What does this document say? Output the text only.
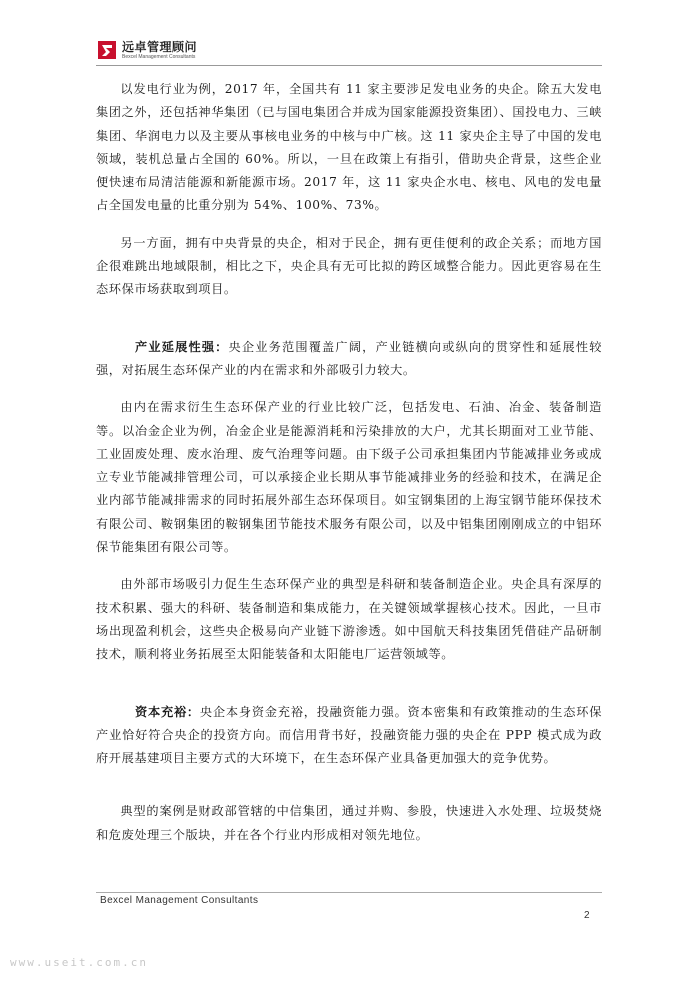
远卓管理顾问
Bexcel Management Consultants

以发电行业为例，2017 年，全国共有 11 家主要涉足发电业务的央企。除五大发电集团之外，还包括神华集团（已与国电集团合并成为国家能源投资集团）、国投电力、三峡集团、华润电力以及主要从事核电业务的中核与中广核。这 11 家央企主导了中国的发电领域，装机总量占全国的 60%。所以，一旦在政策上有指引，借助央企背景，这些企业便快速布局清洁能源和新能源市场。2017 年，这 11 家央企水电、核电、风电的发电量占全国发电量的比重分别为 54%、100%、73%。

另一方面，拥有中央背景的央企，相对于民企，拥有更佳便利的政企关系；而地方国企很难跳出地域限制，相比之下，央企具有无可比拟的跨区域整合能力。因此更容易在生态环保市场获取到项目。

产业延展性强：央企业务范围覆盖广阔，产业链横向或纵向的贯穿性和延展性较强，对拓展生态环保产业的内在需求和外部吸引力较大。

由内在需求衍生生态环保产业的行业比较广泛，包括发电、石油、冶金、装备制造等。以冶金企业为例，冶金企业是能源消耗和污染排放的大户，尤其长期面对工业节能、工业固废处理、废水治理、废气治理等问题。由下级子公司承担集团内节能减排业务或成立专业节能减排管理公司，可以承接企业长期从事节能减排业务的经验和技术，在满足企业内部节能减排需求的同时拓展外部生态环保项目。如宝钢集团的上海宝钢节能环保技术有限公司、鞍钢集团的鞍钢集团节能技术服务有限公司，以及中铝集团刚刚成立的中铝环保节能集团有限公司等。

由外部市场吸引力促生生态环保产业的典型是科研和装备制造企业。央企具有深厚的技术积累、强大的科研、装备制造和集成能力，在关键领域掌握核心技术。因此，一旦市场出现盈利机会，这些央企极易向产业链下游渗透。如中国航天科技集团凭借硅产品研制技术，顺利将业务拓展至太阳能装备和太阳能电厂运营领域等。

资本充裕：央企本身资金充裕，投融资能力强。资本密集和有政策推动的生态环保产业恰好符合央企的投资方向。而信用背书好，投融资能力强的央企在 PPP 模式成为政府开展基建项目主要方式的大环境下，在生态环保产业具备更加强大的竞争优势。

典型的案例是财政部管辖的中信集团，通过并购、参股，快速进入水处理、垃圾焚烧和危废处理三个版块，并在各个行业内形成相对领先地位。

Bexcel Management Consultants
2
www.useit.com.cn
